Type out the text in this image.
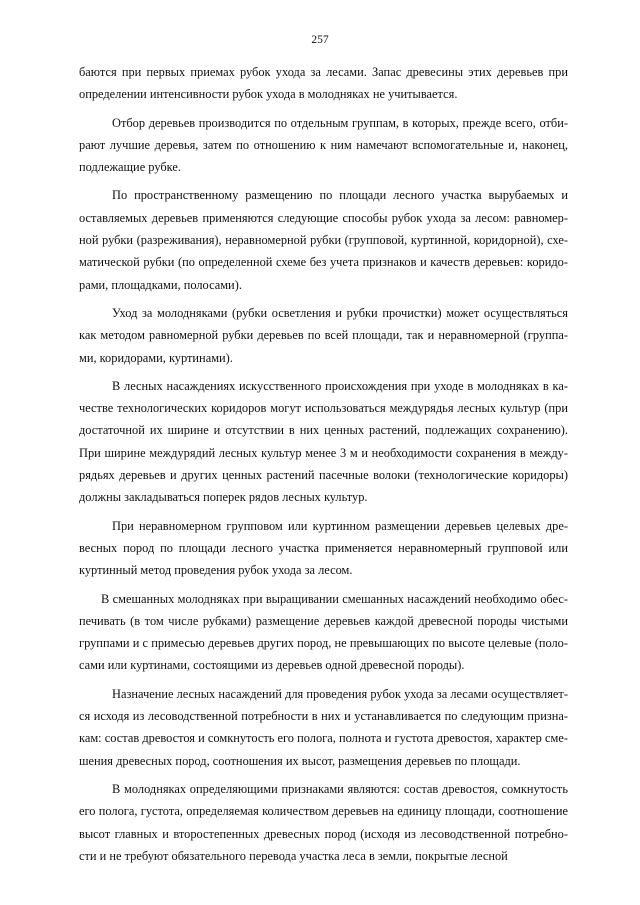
257

баются при первых приемах рубок ухода за лесами. Запас древесины этих деревьев при определении интенсивности рубок ухода в молодняках не учитывается.

Отбор деревьев производится по отдельным группам, в которых, прежде всего, отбирают лучшие деревья, затем по отношению к ним намечают вспомогательные и, наконец, подлежащие рубке.

По пространственному размещению по площади лесного участка вырубаемых и оставляемых деревьев применяются следующие способы рубок ухода за лесом: равномерной рубки (разреживания), неравномерной рубки (групповой, куртинной, коридорной), схематической рубки (по определенной схеме без учета признаков и качеств деревьев: коридорами, площадками, полосами).

Уход за молодняками (рубки осветления и рубки прочистки) может осуществляться как методом равномерной рубки деревьев по всей площади, так и неравномерной (группами, коридорами, куртинами).

В лесных насаждениях искусственного происхождения при уходе в молодняках в качестве технологических коридоров могут использоваться междурядья лесных культур (при достаточной их ширине и отсутствии в них ценных растений, подлежащих сохранению). При ширине междурядий лесных культур менее 3 м и необходимости сохранения в междурядьях деревьев и других ценных растений пасечные волоки (технологические коридоры) должны закладываться поперек рядов лесных культур.

При неравномерном групповом или куртинном размещении деревьев целевых древесных пород по площади лесного участка применяется неравномерный групповой или куртинный метод проведения рубок ухода за лесом.

В смешанных молодняках при выращивании смешанных насаждений необходимо обеспечивать (в том числе рубками) размещение деревьев каждой древесной породы чистыми группами и с примесью деревьев других пород, не превышающих по высоте целевые (полосами или куртинами, состоящими из деревьев одной древесной породы).

Назначение лесных насаждений для проведения рубок ухода за лесами осуществляется исходя из лесоводственной потребности в них и устанавливается по следующим признакам: состав древостоя и сомкнутость его полога, полнота и густота древостоя, характер смешения древесных пород, соотношения их высот, размещения деревьев по площади.

В молодняках определяющими признаками являются: состав древостоя, сомкнутость его полога, густота, определяемая количеством деревьев на единицу площади, соотношение высот главных и второстепенных древесных пород (исходя из лесоводственной потребности и не требуют обязательного перевода участка леса в земли, покрытые лесной
